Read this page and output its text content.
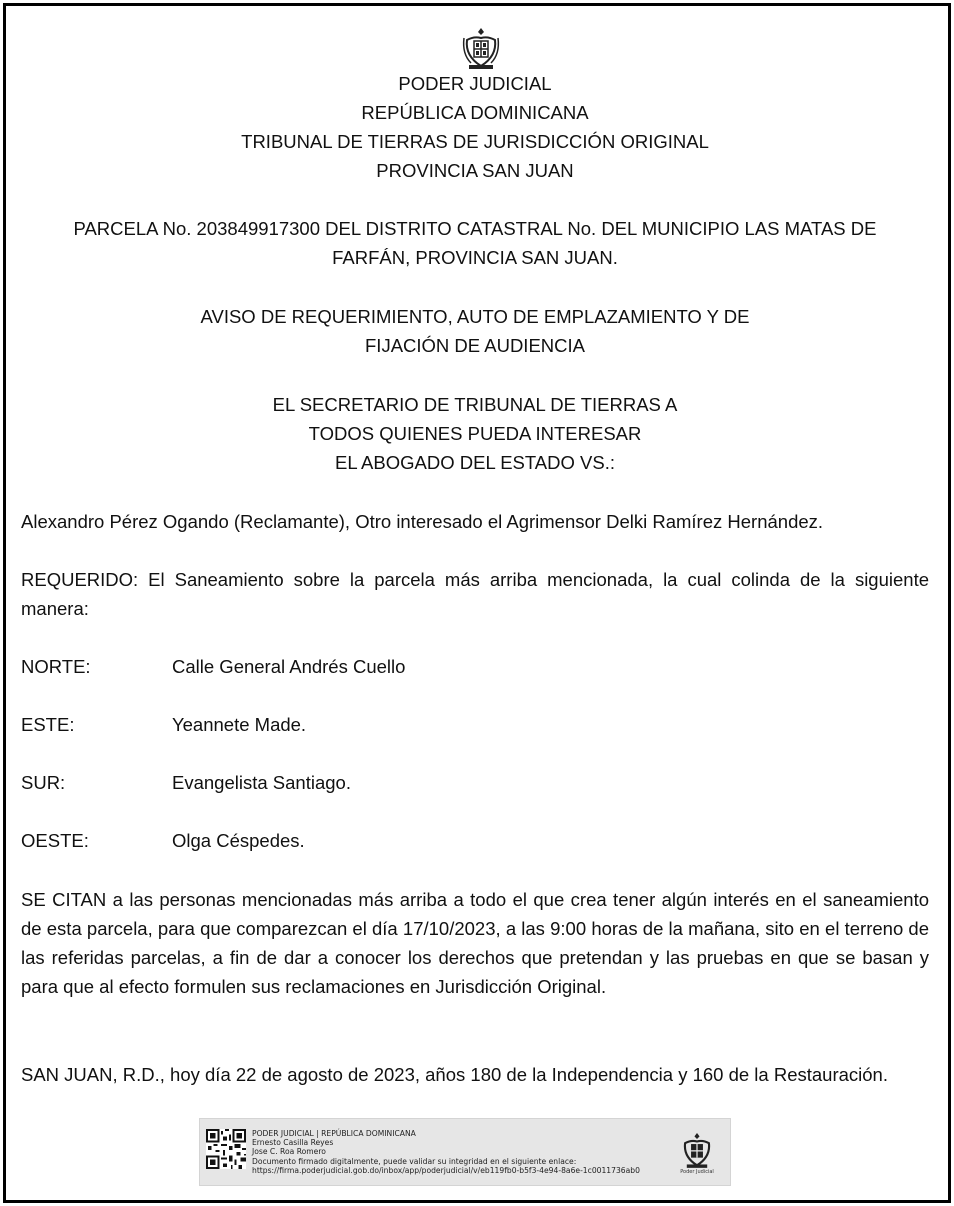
PODER JUDICIAL
REPÚBLICA DOMINICANA
TRIBUNAL DE TIERRAS DE JURISDICCIÓN ORIGINAL
PROVINCIA SAN JUAN
PARCELA No. 203849917300 DEL DISTRITO CATASTRAL No. DEL MUNICIPIO LAS MATAS DE
FARFÁN, PROVINCIA SAN JUAN.
AVISO DE REQUERIMIENTO, AUTO DE EMPLAZAMIENTO Y DE
FIJACIÓN DE AUDIENCIA
EL SECRETARIO DE TRIBUNAL DE TIERRAS A
TODOS QUIENES PUEDA INTERESAR
EL ABOGADO DEL ESTADO VS.:
Alexandro Pérez Ogando (Reclamante), Otro interesado el Agrimensor Delki Ramírez Hernández.
REQUERIDO: El Saneamiento sobre la parcela más arriba mencionada, la cual colinda de la siguiente manera:
NORTE:	Calle General Andrés Cuello
ESTE:	Yeannete Made.
SUR:	Evangelista Santiago.
OESTE:	Olga Céspedes.
SE CITAN a las personas mencionadas más arriba a todo el que crea tener algún interés en el saneamiento de esta parcela, para que comparezcan el día 17/10/2023, a las 9:00 horas de la mañana, sito en el terreno de las referidas parcelas, a fin de dar a conocer los derechos que pretendan y las pruebas en que se basan y para que al efecto formulen sus reclamaciones en Jurisdicción Original.
SAN JUAN, R.D., hoy día 22 de agosto de 2023, años 180 de la Independencia y 160 de la Restauración.
PODER JUDICIAL | REPÚBLICA DOMINICANA
Ernesto Casilla Reyes
Jose C. Roa Romero
Documento firmado digitalmente, puede validar su integridad en el siguiente enlace:
https://firma.poderjudicial.gob.do/inbox/app/poderjudicial/v/eb119fb0-b5f3-4e94-8a6e-1c0011736ab0	Poder Judicial
